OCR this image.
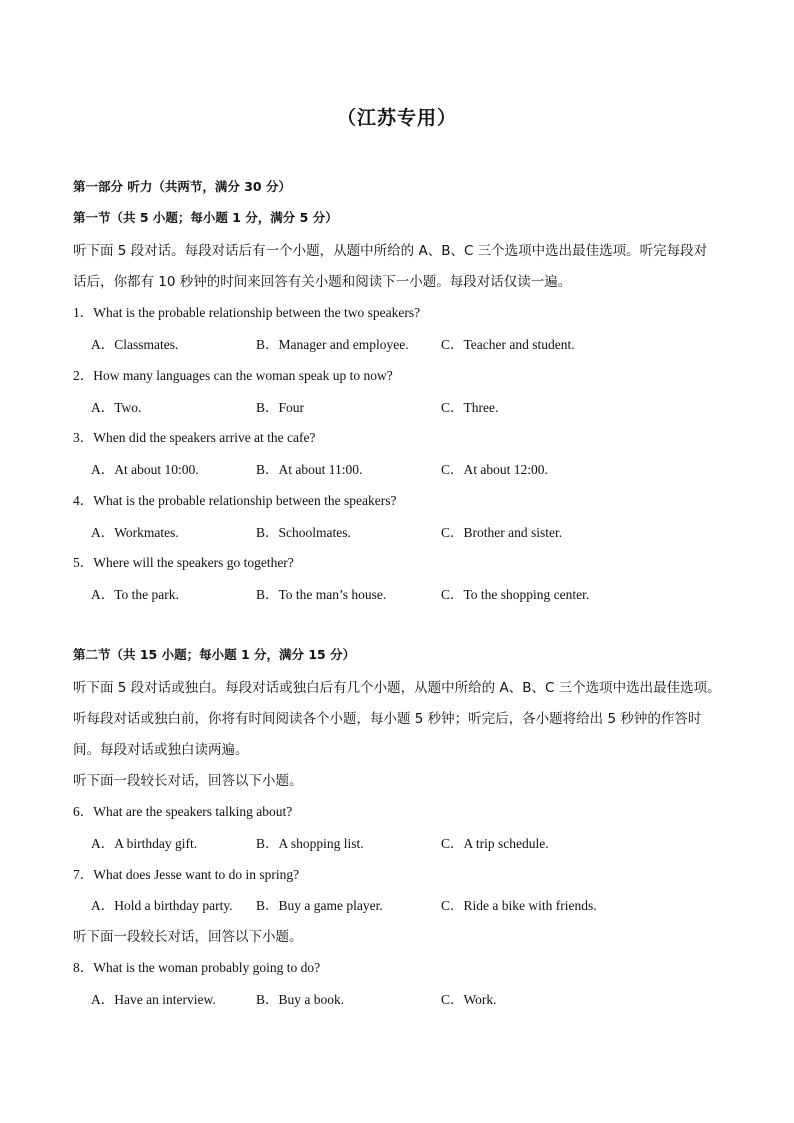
（江苏专用）
第一部分 听力（共两节，满分 30 分）
第一节（共 5 小题；每小题 1 分，满分 5 分）
听下面 5 段对话。每段对话后有一个小题，从题中所给的 A、B、C 三个选项中选出最佳选项。听完每段对
话后，你都有 10 秒钟的时间来回答有关小题和阅读下一小题。每段对话仅读一遍。
1．What is the probable relationship between the two speakers?
A．Classmates.	B．Manager and employee. C．Teacher and student.
2．How many languages can the woman speak up to now?
A．Two.	B．Four	C．Three.
3．When did the speakers arrive at the cafe?
A．At about 10:00.	B．At about 11:00.	C．At about 12:00.
4．What is the probable relationship between the speakers?
A．Workmates.	B．Schoolmates.	C．Brother and sister.
5．Where will the speakers go together?
A．To the park.	B．To the man’s house.	C．To the shopping center.
第二节（共 15 小题；每小题 1 分，满分 15 分）
听下面 5 段对话或独白。每段对话或独白后有几个小题，从题中所给的 A、B、C 三个选项中选出最佳选项。
听每段对话或独白前，你将有时间阅读各个小题，每小题 5 秒钟；听完后，各小题将给出 5 秒钟的作答时
间。每段对话或独白读两遍。
听下面一段较长对话，回答以下小题。
6．What are the speakers talking about?
A．A birthday gift.	B．A shopping list.	C．A trip schedule.
7．What does Jesse want to do in spring?
A．Hold a birthday party. B．Buy a game player.	C．Ride a bike with friends.
听下面一段较长对话，回答以下小题。
8．What is the woman probably going to do?
A．Have an interview.	B．Buy a book.	C．Work.
